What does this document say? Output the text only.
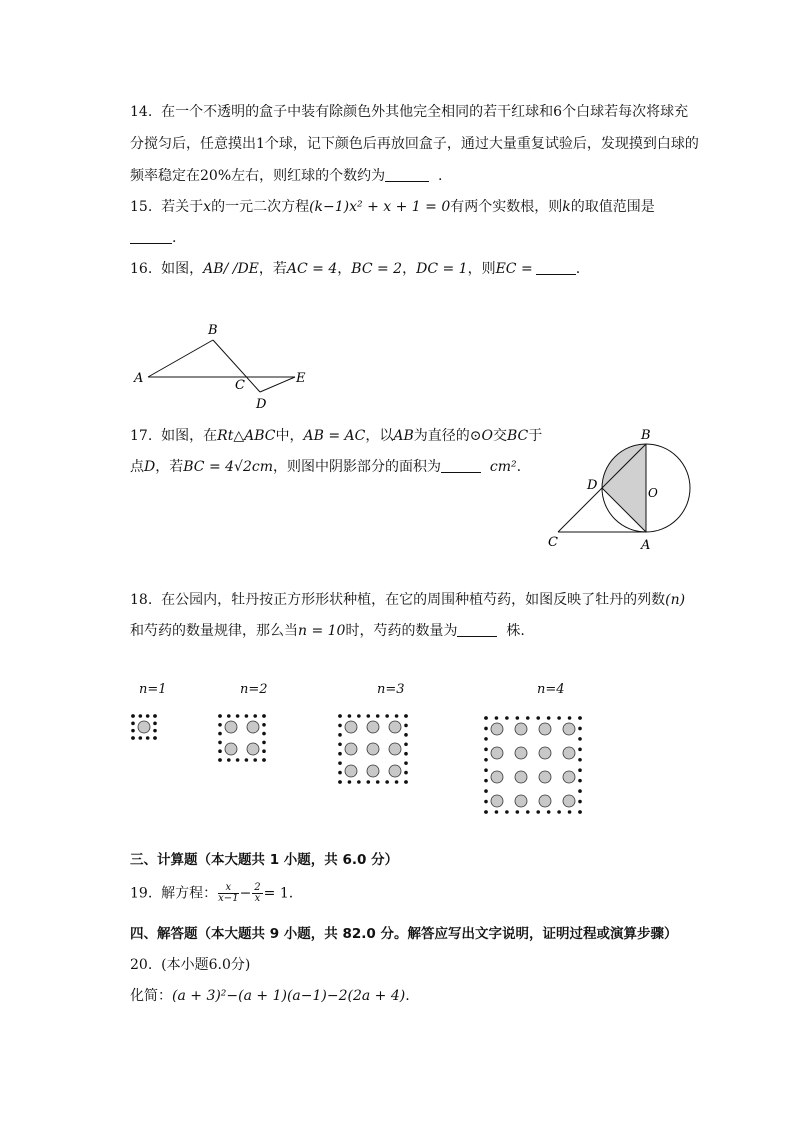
14. 在一个不透明的盒子中装有除颜色外其他完全相同的若干红球和6个白球若每次将球充
分搅匀后，任意摸出1个球，记下颜色后再放回盒子，通过大量重复试验后，发现摸到白球的
频率稳定在20%左右，则红球的个数约为	.
15. 若关于x的一元二次方程(k−1)x² + x + 1 = 0有两个实数根，则k的取值范围是
.
16. 如图，AB/ /DE，若AC = 4，BC = 2，DC = 1，则EC =	.
A
B
C
D
E
17. 如图，在Rt△ABC中，AB = AC，以AB为直径的⊙O交BC于
点D，若BC = 4√2cm，则图中阴影部分的面积为	cm².
B
D	O
C	A
18. 在公园内，牡丹按正方形形状种植，在它的周围种植芍药，如图反映了牡丹的列数(n)
和芍药的数量规律，那么当n = 10时，芍药的数量为	株.
n=1	n=2	n=3	n=4
三、计算题（本大题共 1 小题，共 6.0 分）
19. 解方程： $\frac{x}{x-1} - \frac{2}{x} = 1$.
四、解答题（本大题共 9 小题，共 82.0 分。解答应写出文字说明，证明过程或演算步骤）
20. (本小题6.0分)
化简：(a + 3)²−(a + 1)(a−1)−2(2a + 4).
